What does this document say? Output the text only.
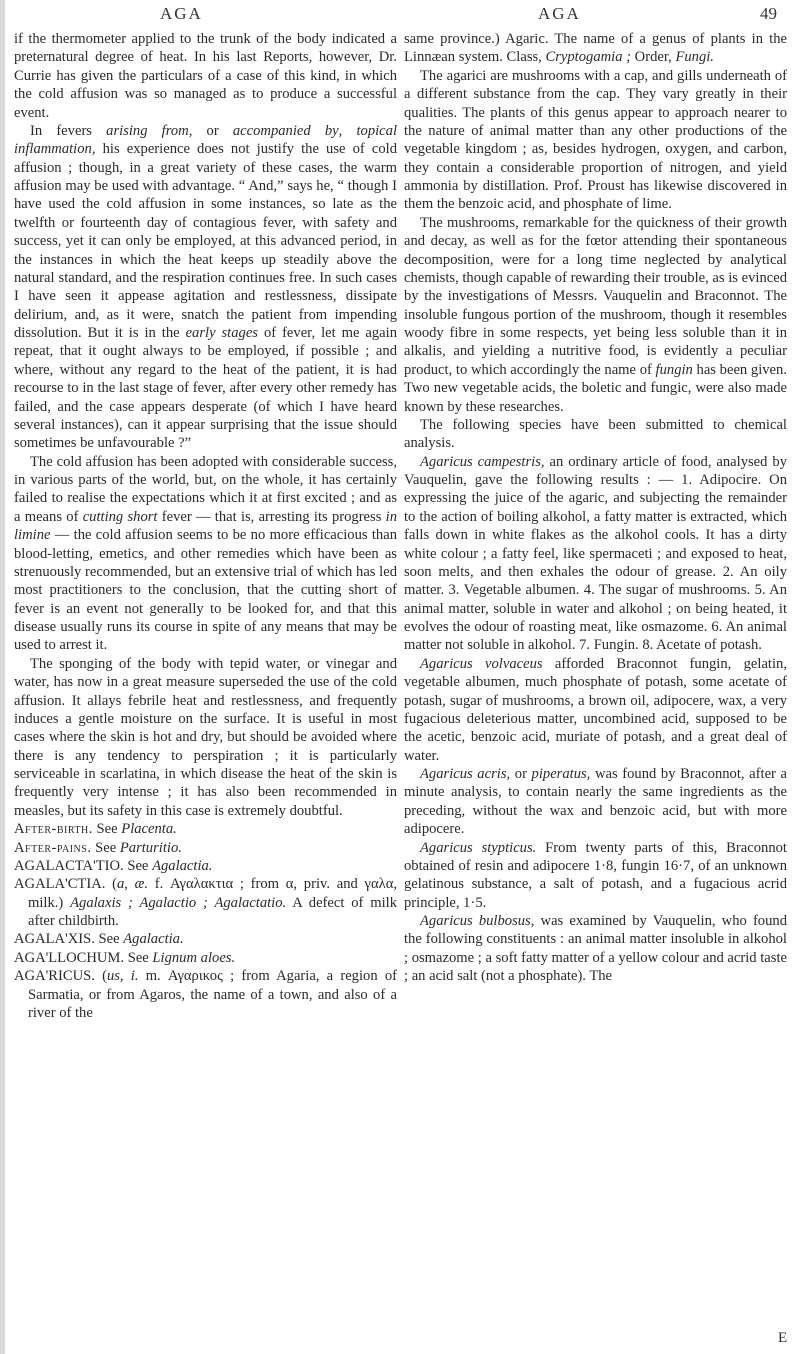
AGA	AGA	49

if the thermometer applied to the trunk of the body indicated a preternatural degree of heat. In his last Reports, however, Dr. Currie has given the particulars of a case of this kind, in which the cold affusion was so managed as to produce a successful event.

In fevers arising from, or accompanied by, topical inflammation, his experience does not justify the use of cold affusion ; though, in a great variety of these cases, the warm affusion may be used with advantage. “ And,” says he, “ though I have used the cold affusion in some instances, so late as the twelfth or fourteenth day of contagious fever, with safety and success, yet it can only be employed, at this advanced period, in the instances in which the heat keeps up steadily above the natural standard, and the respiration continues free. In such cases I have seen it appease agitation and restlessness, dissipate delirium, and, as it were, snatch the patient from impending dissolution. But it is in the early stages of fever, let me again repeat, that it ought always to be employed, if possible ; and where, without any regard to the heat of the patient, it is had recourse to in the last stage of fever, after every other remedy has failed, and the case appears desperate (of which I have heard several instances), can it appear surprising that the issue should sometimes be unfavourable ?”

The cold affusion has been adopted with considerable success, in various parts of the world, but, on the whole, it has certainly failed to realise the expectations which it at first excited ; and as a means of cutting short fever — that is, arresting its progress in limine — the cold affusion seems to be no more efficacious than blood-letting, emetics, and other remedies which have been as strenuously recommended, but an extensive trial of which has led most practitioners to the conclusion, that the cutting short of fever is an event not generally to be looked for, and that this disease usually runs its course in spite of any means that may be used to arrest it.

The sponging of the body with tepid water, or vinegar and water, has now in a great measure superseded the use of the cold affusion. It allays febrile heat and restlessness, and frequently induces a gentle moisture on the surface. It is useful in most cases where the skin is hot and dry, but should be avoided where there is any tendency to perspiration ; it is particularly serviceable in scarlatina, in which disease the heat of the skin is frequently very intense ; it has also been recommended in measles, but its safety in this case is extremely doubtful.

After-birth. See Placenta.

After-pains. See Parturitio.

AGALACTA'TIO. See Agalactia.

AGALA'CTIA. (a, æ. f. Αγαλακτια ; from α, priv. and γαλα, milk.) Agalaxis ; Agalactio ; Agalactatio. A defect of milk after childbirth.

AGALA'XIS. See Agalactia.

AGA'LLOCHUM. See Lignum aloes.

AGA'RICUS. (us, i. m. Αγαρικος ; from Agaria, a region of Sarmatia, or from Agaros, the name of a town, and also of a river of the

same province.) Agaric. The name of a genus of plants in the Linnæan system. Class, Cryptogamia ; Order, Fungi.

The agarici are mushrooms with a cap, and gills underneath of a different substance from the cap. They vary greatly in their qualities. The plants of this genus appear to approach nearer to the nature of animal matter than any other productions of the vegetable kingdom ; as, besides hydrogen, oxygen, and carbon, they contain a considerable proportion of nitrogen, and yield ammonia by distillation. Prof. Proust has likewise discovered in them the benzoic acid, and phosphate of lime.

The mushrooms, remarkable for the quickness of their growth and decay, as well as for the fœtor attending their spontaneous decomposition, were for a long time neglected by analytical chemists, though capable of rewarding their trouble, as is evinced by the investigations of Messrs. Vauquelin and Braconnot. The insoluble fungous portion of the mushroom, though it resembles woody fibre in some respects, yet being less soluble than it in alkalis, and yielding a nutritive food, is evidently a peculiar product, to which accordingly the name of fungin has been given. Two new vegetable acids, the boletic and fungic, were also made known by these researches.

The following species have been submitted to chemical analysis.

Agaricus campestris, an ordinary article of food, analysed by Vauquelin, gave the following results : — 1. Adipocire. On expressing the juice of the agaric, and subjecting the remainder to the action of boiling alkohol, a fatty matter is extracted, which falls down in white flakes as the alkohol cools. It has a dirty white colour ; a fatty feel, like spermaceti ; and exposed to heat, soon melts, and then exhales the odour of grease. 2. An oily matter. 3. Vegetable albumen. 4. The sugar of mushrooms. 5. An animal matter, soluble in water and alkohol ; on being heated, it evolves the odour of roasting meat, like osmazome. 6. An animal matter not soluble in alkohol. 7. Fungin. 8. Acetate of potash.

Agaricus volvaceus afforded Braconnot fungin, gelatin, vegetable albumen, much phosphate of potash, some acetate of potash, sugar of mushrooms, a brown oil, adipocere, wax, a very fugacious deleterious matter, uncombined acid, supposed to be the acetic, benzoic acid, muriate of potash, and a great deal of water.

Agaricus acris, or piperatus, was found by Braconnot, after a minute analysis, to contain nearly the same ingredients as the preceding, without the wax and benzoic acid, but with more adipocere.

Agaricus stypticus. From twenty parts of this, Braconnot obtained of resin and adipocere 1·8, fungin 16·7, of an unknown gelatinous substance, a salt of potash, and a fugacious acrid principle, 1·5.

Agaricus bulbosus, was examined by Vauquelin, who found the following constituents : an animal matter insoluble in alkohol ; osmazome ; a soft fatty matter of a yellow colour and acrid taste ; an acid salt (not a phosphate). The

E
